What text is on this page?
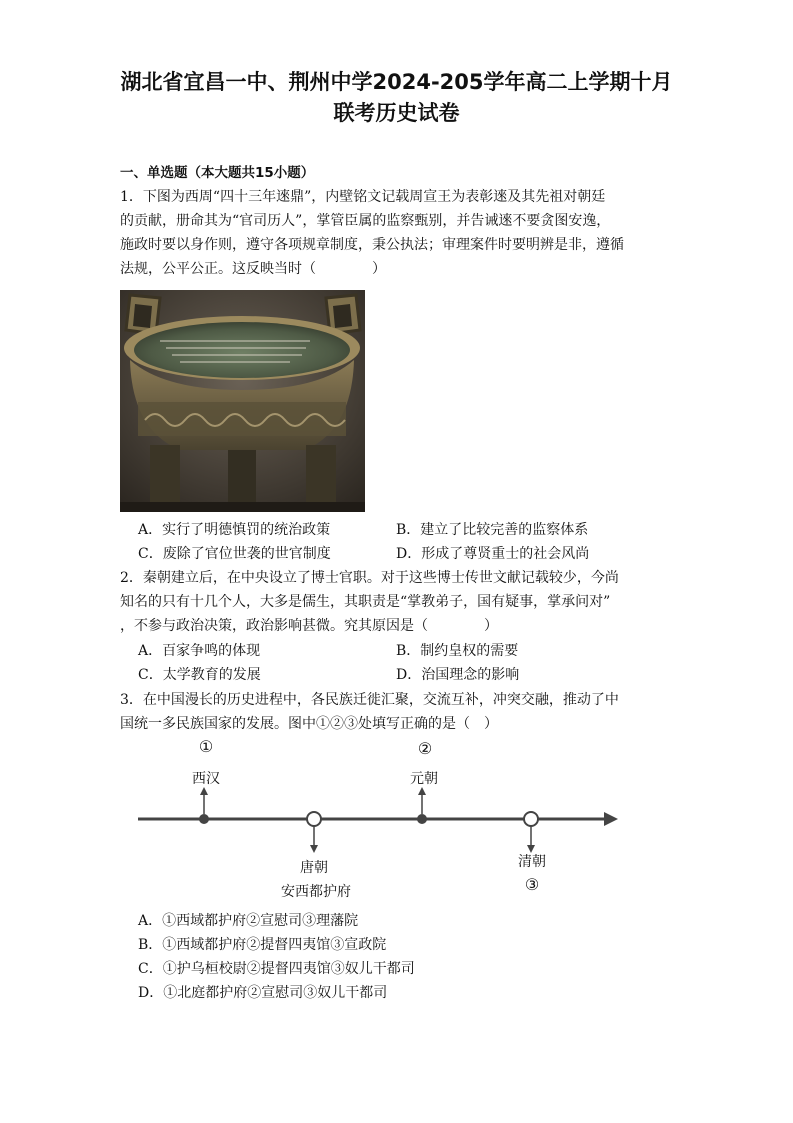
湖北省宜昌一中、荆州中学2024-205学年高二上学期十月
联考历史试卷
一、单选题（本大题共15小题）
1．下图为西周“四十三年逨鼎”，内壁铭文记载周宣王为表彰逨及其先祖对朝廷
的贡献，册命其为“官司历人”，掌管臣属的监察甄别，并告诫逨不要贪图安逸，
施政时要以身作则，遵守各项规章制度，秉公执法；审理案件时要明辨是非，遵循
法规，公平公正。这反映当时（　　　　）
A．实行了明德慎罚的统治政策	B．建立了比较完善的监察体系
C．废除了官位世袭的世官制度	D．形成了尊贤重士的社会风尚
2．秦朝建立后，在中央设立了博士官职。对于这些博士传世文献记载较少，今尚
知名的只有十几个人，大多是儒生，其职责是“掌教弟子，国有疑事，掌承问对”
，不参与政治决策，政治影响甚微。究其原因是（　　　　）
A．百家争鸣的体现	B．制约皇权的需要
C．太学教育的发展	D．治国理念的影响
3．在中国漫长的历史进程中，各民族迁徙汇聚，交流互补，冲突交融，推动了中
国统一多民族国家的发展。图中①②③处填写正确的是（　）
①
西汉
②
元朝
唐朝
安西都护府
清朝
③
A．①西域都护府②宣慰司③理藩院
B．①西域都护府②提督四夷馆③宣政院
C．①护乌桓校尉②提督四夷馆③奴儿干都司
D．①北庭都护府②宣慰司③奴儿干都司
